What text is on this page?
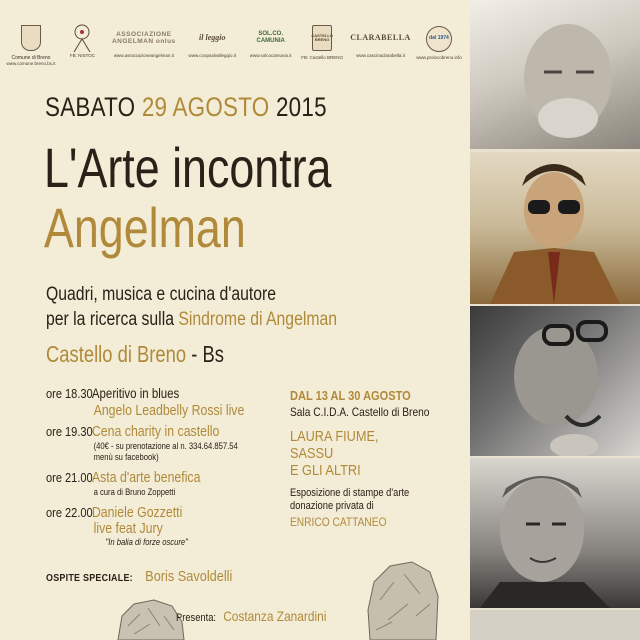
Comune di Breno
www.comune.breno.bs.it
FB: NISTOC
ASSOCIAZIONE ANGELMAN onlus
www.associazioneangelman.it
il leggio
www.coopsalvallegqio.it
SOL.CO. CAMUNIA
www.solcocamunia.it
CASTELLO BRENO
FB: Castello BRENO
CLARABELLA
www.cascinaclarabella.it
dal 1974
www.prolocobreno.info
SABATO 29 AGOSTO 2015
L'Arte incontra
Angelman
Quadri, musica e cucina d'autore
per la ricerca sulla Sindrome di Angelman
Castello di Breno - Bs
ore 18.30Aperitivo in blues
Angelo Leadbelly Rossi live
ore 19.30Cena charity in castello
(40€ - su prenotazione al n. 334.64.857.54
menù su facebook)
ore 21.00Asta d'arte benefica
a cura di Bruno Zoppetti
ore 22.00Daniele Gozzetti
live feat Jury
"In balia di forze oscure"
OSPITE SPECIALE: Boris Savoldelli
DAL 13 AL 30 AGOSTO
Sala C.I.D.A. Castello di Breno
LAURA FIUME,
SASSU
E GLI ALTRI
Esposizione di stampe d'arte
donazione privata di
ENRICO CATTANEO
Presenta: Costanza Zanardini
